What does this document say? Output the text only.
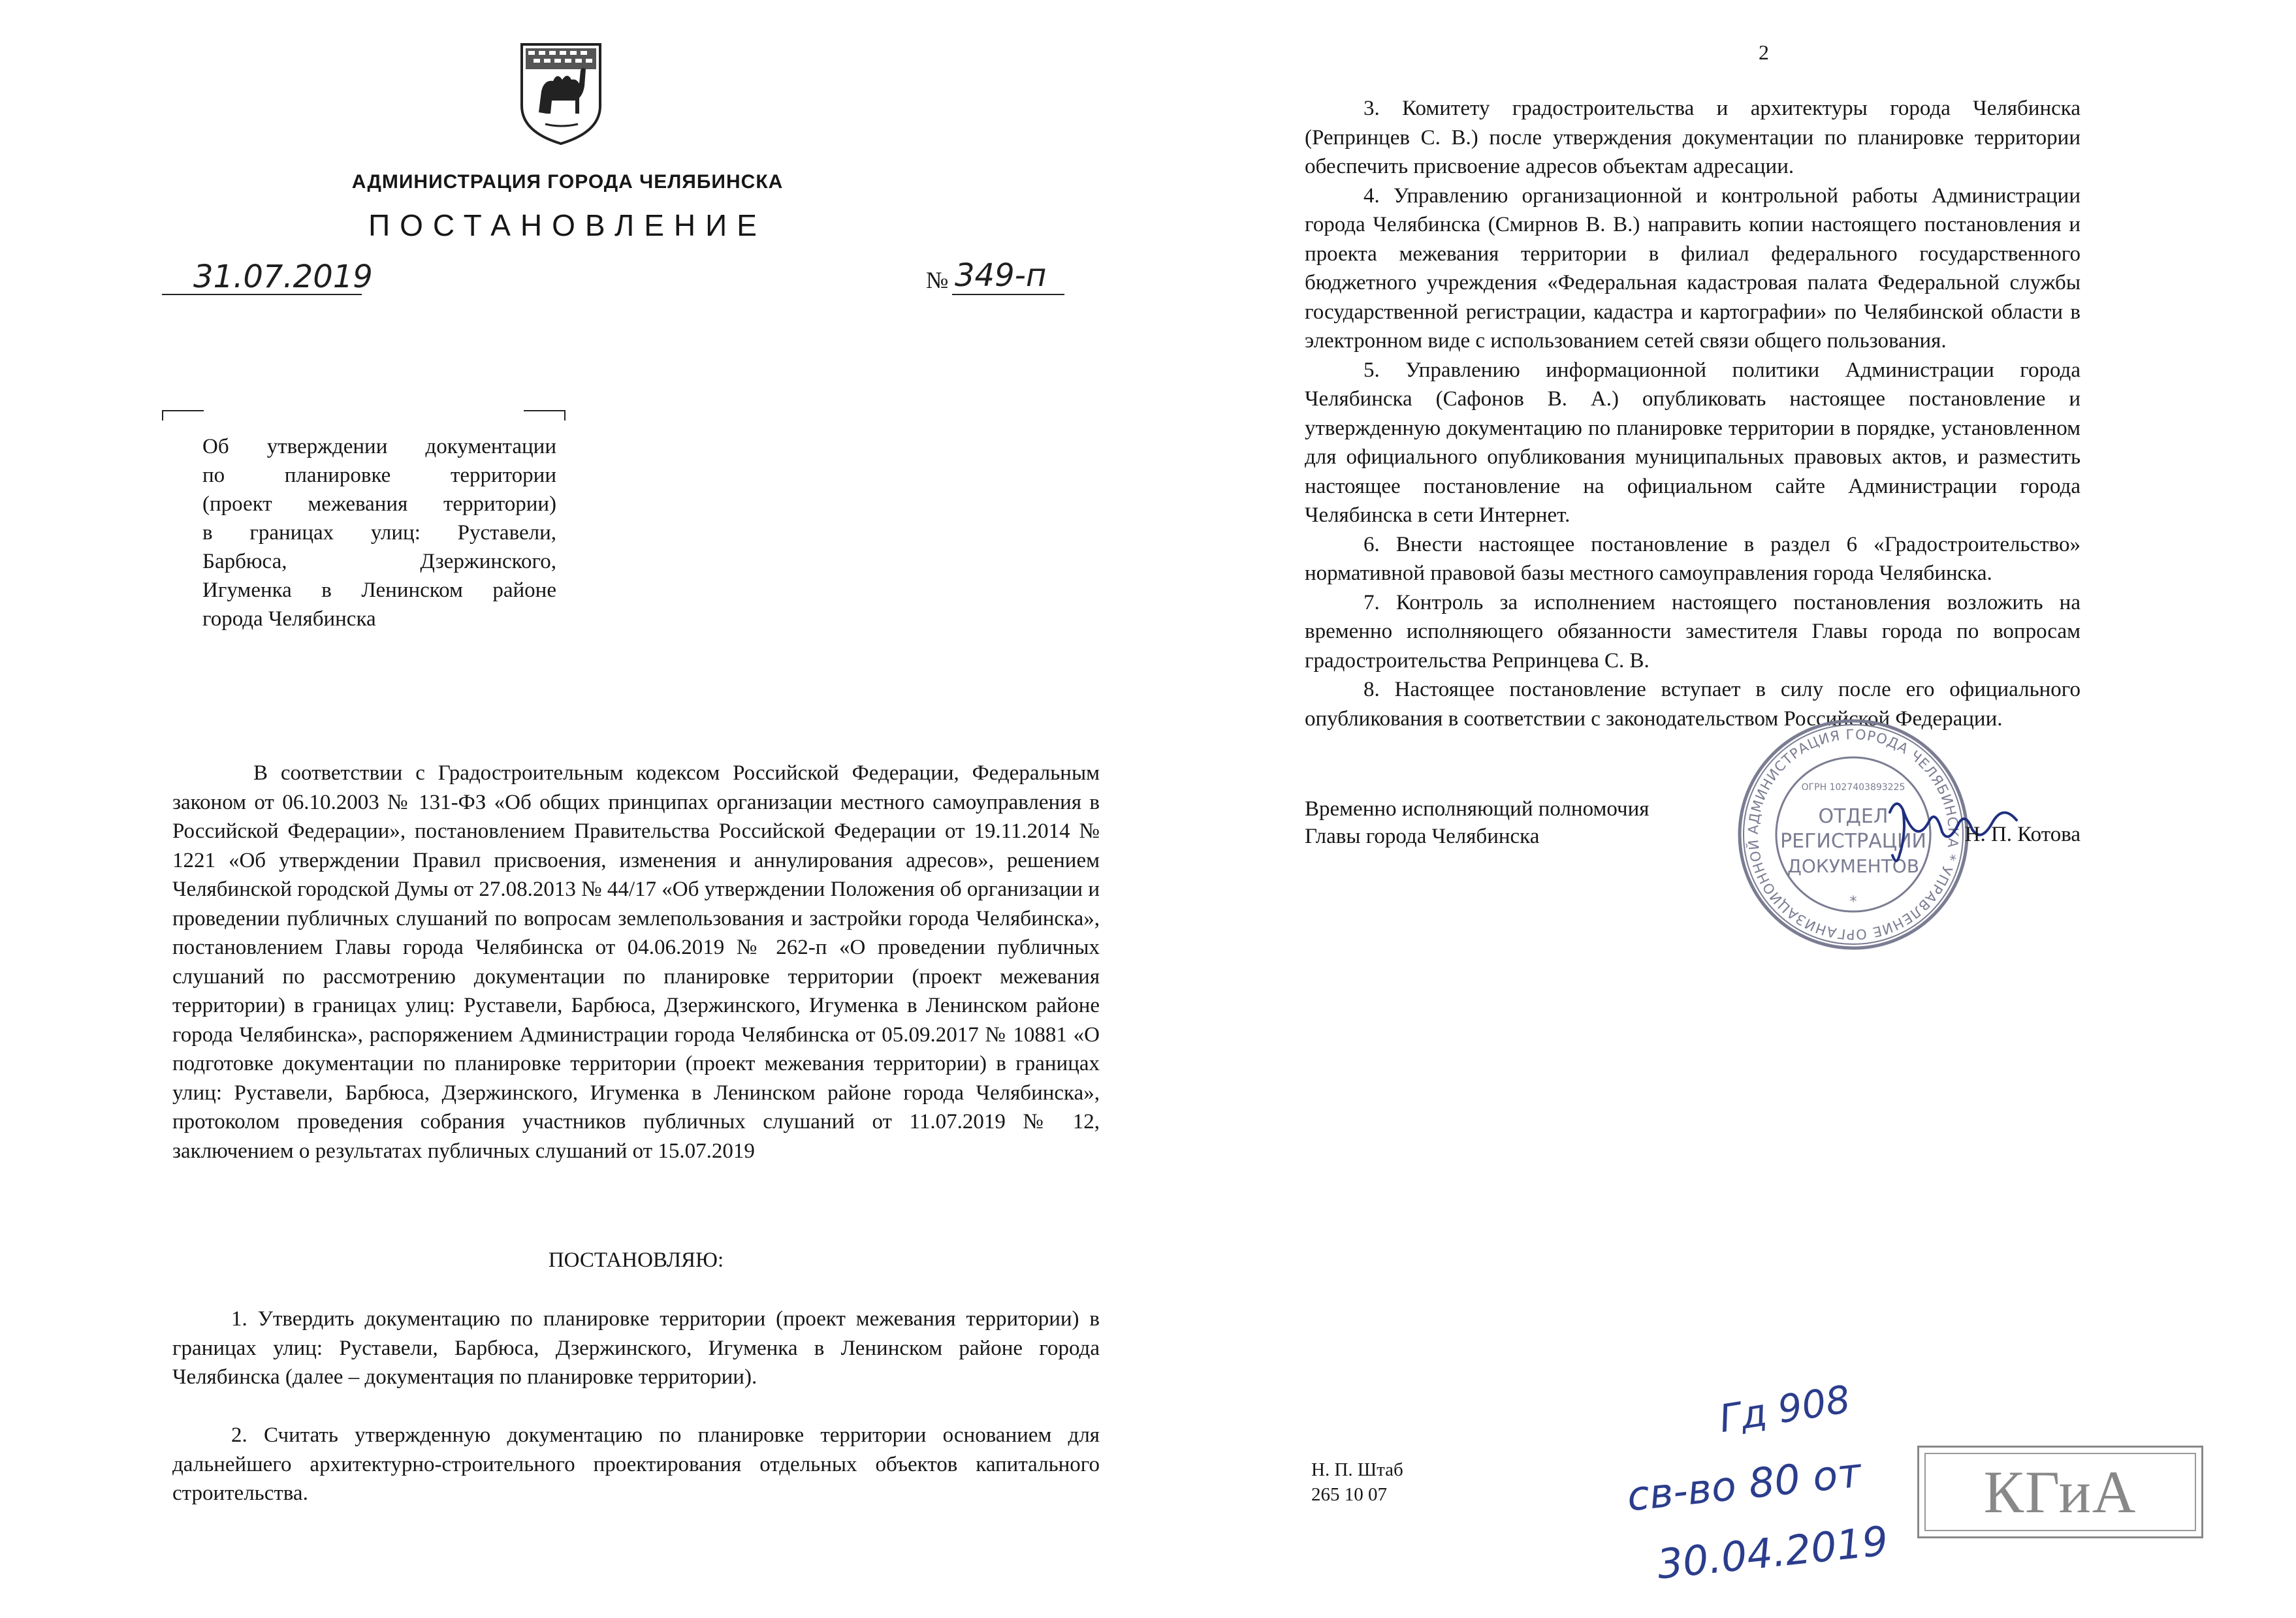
АДМИНИСТРАЦИЯ ГОРОДА ЧЕЛЯБИНСКА
ПОСТАНОВЛЕНИЕ
31.07.2019	№ 349-п
Об утверждении документации
по планировке территории
(проект межевания территории)
в границах улиц: Руставели,
Барбюса, Дзержинского,
Игуменка в Ленинском районе
города Челябинска
В соответствии с Градостроительным кодексом Российской Федерации, Федеральным законом от 06.10.2003 № 131-ФЗ «Об общих принципах организации местного самоуправления в Российской Федерации», постановлением Правительства Российской Федерации от 19.11.2014 № 1221 «Об утверждении Правил присвоения, изменения и аннулирования адресов», решением Челябинской городской Думы от 27.08.2013 № 44/17 «Об утверждении Положения об организации и проведении публичных слушаний по вопросам землепользования и застройки города Челябинска», постановлением Главы города Челябинска от 04.06.2019 № 262-п «О проведении публичных слушаний по рассмотрению документации по планировке территории (проект межевания территории) в границах улиц: Руставели, Барбюса, Дзержинского, Игуменка в Ленинском районе города Челябинска», распоряжением Администрации города Челябинска от 05.09.2017 № 10881 «О подготовке документации по планировке территории (проект межевания территории) в границах улиц: Руставели, Барбюса, Дзержинского, Игуменка в Ленинском районе города Челябинска», протоколом проведения собрания участников публичных слушаний от 11.07.2019 № 12, заключением о результатах публичных слушаний от 15.07.2019
ПОСТАНОВЛЯЮ:
1. Утвердить документацию по планировке территории (проект межевания территории) в границах улиц: Руставели, Барбюса, Дзержинского, Игуменка в Ленинском районе города Челябинска (далее – документация по планировке территории).
2. Считать утвержденную документацию по планировке территории основанием для дальнейшего архитектурно-строительного проектирования отдельных объектов капитального строительства.
2
3. Комитету градостроительства и архитектуры города Челябинска (Репринцев С. В.) после утверждения документации по планировке территории обеспечить присвоение адресов объектам адресации.
4. Управлению организационной и контрольной работы Администрации города Челябинска (Смирнов В. В.) направить копии настоящего постановления и проекта межевания территории в филиал федерального государственного бюджетного учреждения «Федеральная кадастровая палата Федеральной службы государственной регистрации, кадастра и картографии» по Челябинской области в электронном виде с использованием сетей связи общего пользования.
5. Управлению информационной политики Администрации города Челябинска (Сафонов В. А.) опубликовать настоящее постановление и утвержденную документацию по планировке территории в порядке, установленном для официального опубликования муниципальных правовых актов, и разместить настоящее постановление на официальном сайте Администрации города Челябинска в сети Интернет.
6. Внести настоящее постановление в раздел 6 «Градостроительство» нормативной правовой базы местного самоуправления города Челябинска.
7. Контроль за исполнением настоящего постановления возложить на временно исполняющего обязанности заместителя Главы города по вопросам градостроительства Репринцева С. В.
8. Настоящее постановление вступает в силу после его официального опубликования в соответствии с законодательством Российской Федерации.
АДМИНИСТРАЦИЯ ГОРОДА ЧЕЛЯБИНСКА * УПРАВЛЕНИЕ ОРГАНИЗАЦИОННОЙ
ОГРН 1027403893225
ОТДЕЛ
РЕГИСТРАЦИИ
ДОКУМЕНТОВ
*
Временно исполняющий полномочия
Главы города Челябинска	Н. П. Котова
Н. П. Штаб
265 10 07
Гд 908
св-во 80 от
30.04.2019
КГиА
